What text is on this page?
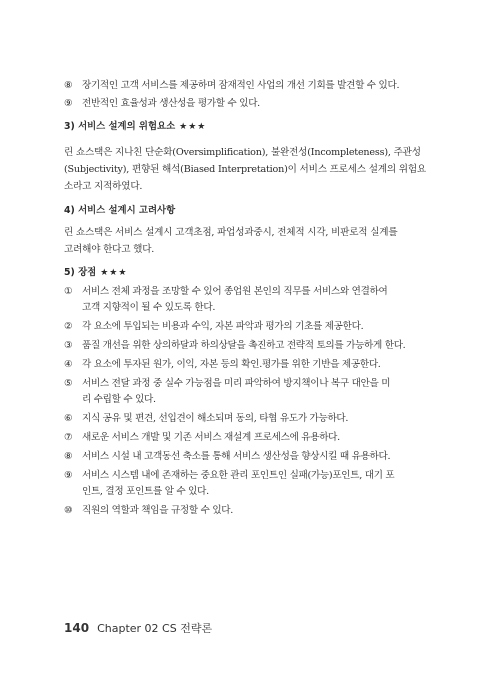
⑧	장기적인 고객 서비스를 제공하며 잠재적인 사업의 개선 기회를 발견할 수 있다.
⑨	전반적인 효율성과 생산성을 평가할 수 있다.
3) 서비스 설계의 위험요소 ★★★
린 쇼스택은 지나친 단순화(Oversimplification), 불완전성(Incompleteness), 주관성
(Subjectivity), 편향된 해석(Biased Interpretation)이 서비스 프로세스 설계의 위험요
소라고 지적하였다.
4) 서비스 설계시 고려사항
린 쇼스택은 서비스 설계시 고객초점, 파업성과중시, 전체적 시각, 비판로적 실계를
고려해야 한다고 했다.
5) 장점 ★★★
①	서비스 전체 과정을 조망할 수 있어 종업원 본인의 직무를 서비스와 연결하여
고객 지향적이 될 수 있도록 한다.
②	각 요소에 투입되는 비용과 수익, 자본 파악과 평가의 기초를 제공한다.
③	품질 개선을 위한 상의하달과 하의상달을 촉진하고 전략적 토의를 가능하게 한다.
④	각 요소에 투자된 원가, 이익, 자본 등의 확인.평가를 위한 기반을 제공한다.
⑤	서비스 전달 과정 중 실수 가능점을 미리 파악하여 방지책이나 복구 대안을 미
리 수립할 수 있다.
⑥	지식 공유 및 편견, 선입견이 해소되며 동의, 타협 유도가 가능하다.
⑦	새로운 서비스 개발 및 기존 서비스 재설계 프로세스에 유용하다.
⑧	서비스 시설 내 고객동선 축소를 통해 서비스 생산성을 향상시킬 때 유용하다.
⑨	서비스 시스템 내에 존재하는 중요한 관리 포인트인 실패(가능)포인트, 대기 포
인트, 결정 포인트를 알 수 있다.
⑩	직원의 역할과 책임을 규정할 수 있다.
140 Chapter 02 CS 전략론
